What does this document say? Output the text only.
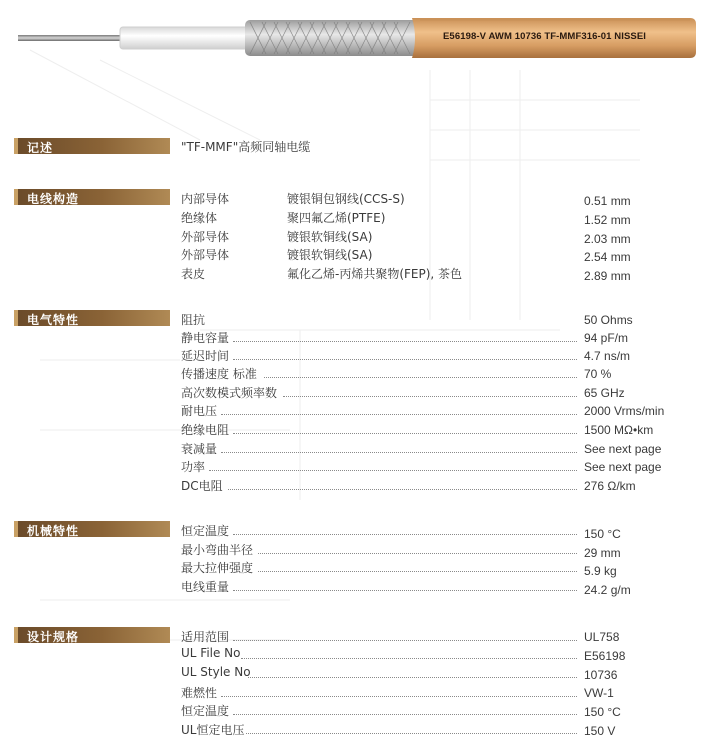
E56198-V AWM 10736 TF-MMF316-01 NISSEI
记述	"TF-MMF"高频同轴电缆
电线构造	内部导体	镀银铜包钢线(CCS-S)	0.51 mm
绝缘体	聚四氟乙烯(PTFE)	1.52 mm
外部导体	镀银软铜线(SA)	2.03 mm
外部导体	镀银软铜线(SA)	2.54 mm
表皮	氟化乙烯-丙烯共聚物(FEP), 茶色	2.89 mm
电气特性	阻抗	50 Ohms
静电容量	94 pF/m
延迟时间	4.7 ns/m
传播速度 标准	70 %
高次数模式频率数	65 GHz
耐电压	2000 Vrms/min
绝缘电阻	1500 MΩ•km
衰减量	See next page
功率	See next page
DC电阻	276 Ω/km
机械特性	恒定温度	150 °C
最小弯曲半径	29 mm
最大拉伸强度	5.9 kg
电线重量	24.2 g/m
设计规格	适用范围	UL758
UL File No	E56198
UL Style No	10736
难燃性	VW-1
恒定温度	150 °C
UL恒定电压	150 V
